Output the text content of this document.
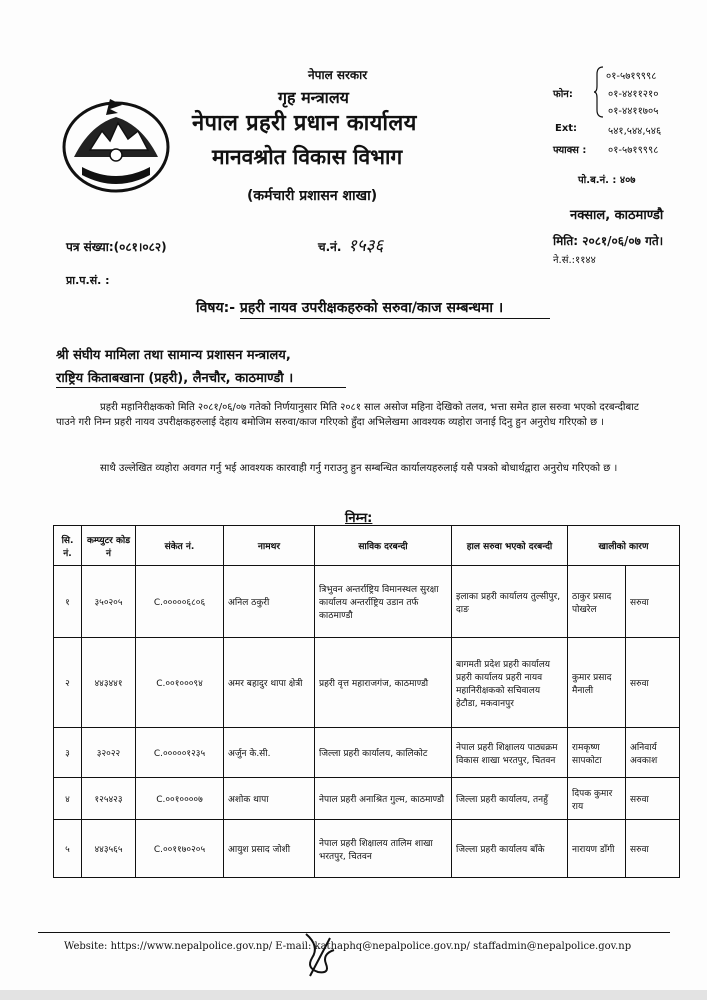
नेपाल सरकार
गृह मन्त्रालय
नेपाल प्रहरी प्रधान कार्यालय
मानवश्रोत विकास विभाग
(कर्मचारी प्रशासन शाखा)
फोन:
०१-५७१९९९८
०१-४४११२१०
०१-४४११७०५
Ext:	५४१,५४४,५४६
फ्याक्स : ०१-५७१९९९८
पो.ब.नं. : ४०७
नक्साल, काठमाण्डौ
पत्र संख्या:(०८१।०८२)	च.नं. १५३६	मिति: २०८१/०६/०७ गते।
ने.सं.:११४४
प्रा.प.सं. :
विषय:- प्रहरी नायव उपरीक्षकहरुको सरुवा/काज सम्बन्धमा ।
श्री संघीय मामिला तथा सामान्य प्रशासन मन्त्रालय,
राष्ट्रिय किताबखाना (प्रहरी), लैनचौर, काठमाण्डौ ।
प्रहरी महानिरीक्षकको मिति २०८१/०६/०७ गतेको निर्णयानुसार मिति २०८१ साल असोज महिना देखिको तलव, भत्ता समेत हाल सरुवा भएको दरबन्दीबाट पाउने गरी निम्न प्रहरी नायव उपरीक्षकहरुलाई देहाय बमोजिम सरुवा/काज गरिएको हुँदा अभिलेखमा आवश्यक व्यहोरा जनाई दिनु हुन अनुरोध गरिएको छ ।
साथै उल्लेखित व्यहोरा अवगत गर्नु भई आवश्यक कारवाही गर्नु गराउनु हुन सम्बन्धित कार्यालयहरुलाई यसै पत्रको बोधार्थद्वारा अनुरोध गरिएको छ ।
निम्न:
सि. नं.	कम्प्युटर कोड नं	संकेत नं.	नामथर	साविक दरबन्दी	हाल सरुवा भएको दरबन्दी	खालीको कारण	
१	३५०२०५	C.०००००६८०६	अनिल ठकुरी	त्रिभुवन अन्तर्राष्ट्रिय विमानस्थल सुरक्षा कार्यालय अन्तर्राष्ट्रिय उडान तर्फ काठमाण्डौ	इलाका प्रहरी कार्यालय तुल्सीपुर, दाङ	ठाकुर प्रसाद पोखरेल	सरुवा
२	४४३४४१	C.००१०००९४	अमर बहादुर थापा क्षेत्री	प्रहरी वृत्त महाराजगंज, काठमाण्डौ	बागमती प्रदेश प्रहरी कार्यालय प्रहरी कार्यालय प्रहरी नायव महानिरीक्षकको सचिवालय हेटौडा, मकवानपुर	कुमार प्रसाद मैनाली	सरुवा
३	३२०२२	C.०००००१२३५	अर्जुन के.सी.	जिल्ला प्रहरी कार्यालय, कालिकोट	नेपाल प्रहरी शिक्षालय पाठ्यक्रम विकास शाखा भरतपुर, चितवन	रामकृष्ण सापकोटा	अनिवार्य अवकाश
४	१२५४२३	C.००१००००७	अशोक थापा	नेपाल प्रहरी अनाश्रित गुल्म, काठमाण्डौ	जिल्ला प्रहरी कार्यालय, तनहुँ	दिपक कुमार राय	सरुवा
५	४४३५६५	C.००११७०२०५	आयुश प्रसाद जोशी	नेपाल प्रहरी शिक्षालय तालिम शाखा भरतपुर, चितवन	जिल्ला प्रहरी कार्यालय बाँके	नारायण डाँगी	सरुवा
Website: https://www.nepalpolice.gov.np/ E-mail: kathaphq@nepalpolice.gov.np/ staffadmin@nepalpolice.gov.np
